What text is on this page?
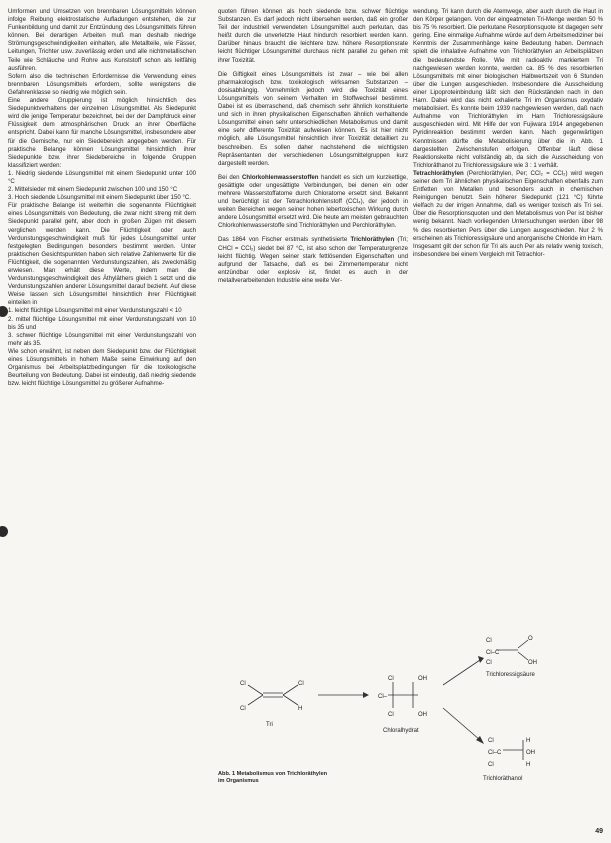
Umformen und Umsetzen von brennbaren Lösungsmitteln können infolge Reibung elektrostatische Aufladungen entstehen, die zur Funkenbildung und damit zur Entzündung des Lösungsmittels führen können. Bei derartigen Arbeiten muß man deshalb niedrige Strömungsgeschwindigkeiten einhalten, alle Metallteile, wie Fässer, Leitungen, Trichter usw. zuverlässig erden und alle nichtmetallischen Teile wie Schläuche und Rohre aus Kunststoff schon als leitfähig ausführen.

Sofern also die technischen Erfordernisse die Verwendung eines brennbaren Lösungsmittels erfordern, sollte wenigstens die Gefahrenklasse so niedrig wie möglich sein.

Eine andere Gruppierung ist möglich hinsichtlich des Siedepunktverhaltens der einzelnen Lösungsmittel. Als Siedepunkt wird die jenige Temperatur bezeichnet, bei der der Dampfdruck einer Flüssigkeit dem atmosphärischen Druck an ihrer Oberfläche entspricht. Dabei kann für manche Lösungsmittel, insbesondere aber für die Gemische, nur ein Siedebereich angegeben werden. Für praktische Belange können Lösungsmittel hinsichtlich ihrer Siedepunkte bzw. ihrer Siedebereiche in folgende Gruppen klassifiziert werden:

1. Niedrig siedende Lösungsmittel mit einem Siedepunkt unter 100 °C
2. Mittelsieder mit einem Siedepunkt zwischen 100 und 150 °C
3. Hoch siedende Lösungsmittel mit einem Siedepunkt über 150 °C.

Für praktische Belange ist weiterhin die sogenannte Flüchtigkeit eines Lösungsmittels von Bedeutung, die zwar nicht streng mit dem Siedepunkt parallel geht, aber doch in großen Zügen mit diesem verglichen werden kann. Die Flüchtigkeit oder auch Verdunstungsgeschwindigkeit muß für jedes Lösungsmittel unter festgelegten Bedingungen besonders bestimmt werden. Unter praktischen Gesichtspunkten haben sich relative Zahlenwerte für die Flüchtigkeit, die sogenannten Verdunstungszahlen, als zweckmäßig erwiesen. Man erhält diese Werte, indem man die Verdunstungsgeschwindigkeit des Äthyläthers gleich 1 setzt und die Verdunstungszahlen anderer Lösungsmittel darauf bezieht. Auf diese Weise lassen sich Lösungsmittel hinsichtlich ihrer Flüchtigkeit einteilen in

1. leicht flüchtige Lösungsmittel mit einer Verdunstungszahl < 10
2. mittel flüchtige Lösungsmittel mit einer Verdunstungszahl von 10 bis 35 und
3. schwer flüchtige Lösungsmittel mit einer Verdunstungszahl von mehr als 35.

Wie schon erwähnt, ist neben dem Siedepunkt bzw. der Flüchtigkeit eines Lösungsmittels in hohem Maße seine Einwirkung auf den Organismus bei Arbeitsplatzbedingungen für die toxikologische Beurteilung von Bedeutung. Dabei ist eindeutig, daß niedrig siedende bzw. leicht flüchtige Lösungsmittel zu größerer Aufnahme-

quoten führen können als hoch siedende bzw. schwer flüchtige Substanzen. Es darf jedoch nicht übersehen werden, daß ein großer Teil der industriell verwendeten Lösungsmittel auch perkutan, das heißt durch die unverletzte Haut hindurch resorbiert werden kann. Darüber hinaus braucht die leichtere bzw. höhere Resorptionsrate leicht flüchtiger Lösungsmittel durchaus nicht parallel zu gehen mit ihrer Toxizität.

Die Giftigkeit eines Lösungsmittels ist zwar – wie bei allen pharmakologisch bzw. toxikologisch wirksamen Substanzen – dosisabhängig. Vornehmlich jedoch wird die Toxizität eines Lösungsmittels von seinem Verhalten im Stoffwechsel bestimmt. Dabei ist es überraschend, daß chemisch sehr ähnlich konstituierte und sich in ihren physikalischen Eigenschaften ähnlich verhaltende Lösungsmittel einen sehr unterschiedlichen Metabolismus und damit eine sehr differente Toxizität aufweisen können. Es ist hier nicht möglich, alle Lösungsmittel hinsichtlich ihrer Toxizität detailliert zu beschreiben. Es sollen daher nachstehend die wichtigsten Repräsentanten der verschiedenen Lösungsmittelgruppen kurz dargestellt werden.

Bei den Chlorkohlenwasserstoffen handelt es sich um kurzkettige, gesättigte oder ungesättigte Verbindungen, bei denen ein oder mehrere Wasserstoffatome durch Chloratome ersetzt sind. Bekannt und berüchtigt ist der Tetrachlorkohlenstoff (CCl₄), der jedoch in weiten Bereichen wegen seiner hohen lebertoxischen Wirkung durch andere Lösungsmittel ersetzt wird. Die heute am meisten gebrauchten Chlorkohlenwasserstoffe sind Trichloräthylen und Perchloräthylen.

Das 1864 von Fischer erstmals synthetisierte Trichloräthylen (Tri; CHCl = CCl₂) siedet bei 87 °C, ist also schon der Temperaturgrenze leicht flüchtig. Wegen seiner stark fettlösenden Eigenschaften und aufgrund der Tatsache, daß es bei Zimmertemperatur nicht entzündbar oder explosiv ist, findet es auch in der metallverarbeitenden Industrie eine weite Ver-

wendung. Tri kann durch die Atemwege, aber auch durch die Haut in den Körper gelangen. Von der eingeatmeten Tri-Menge werden 50 % bis 75 % resorbiert. Die perkutane Resorptionsquote ist dagegen sehr gering. Eine einmalige Aufnahme würde auf dem Arbeitsmediziner bei Kenntnis der Zusammenhänge keine Bedeutung haben. Demnach spielt die inhalative Aufnahme von Trichloräthylen an Arbeitsplätzen die bedeutendste Rolle. Wie mit radioaktiv markiertem Tri nachgewiesen werden konnte, werden ca. 85 % des resorbierten Lösungsmittels mit einer biologischen Halbwertszeit von 6 Stunden über die Lungen ausgeschieden. Insbesondere die Ausscheidung einer Lipoproteinbindung läßt sich den Rückständen nach in den Harn. Dabei wird das nicht exhalierte Tri im Organismus oxydativ metabolisiert. Es konnte beim 1939 nachgewiesen werden, daß nach Aufnahme von Trichloräthylen im Harn Trichloressigsäure ausgeschieden wird. Mit Hilfe der von Fujiwara 1914 angegebenen Pyridinreaktion bestimmt werden kann. Nach gegenwärtigen Kenntnissen dürfte die Metabolisierung über die in Abb. 1 dargestellten Zwischenstufen erfolgen. Offenbar läuft diese Reaktionskette nicht vollständig ab, da sich die Ausscheidung von Trichloräthanol zu Trichloressigsäure wie 3 : 1 verhält.

Tetrachloräthylen (Perchloräthylen, Per; CCl₂ = CCl₂) wird wegen seiner dem Tri ähnlichen physikalischen Eigenschaften ebenfalls zum Entfetten von Metallen und besonders auch in chemischen Reinigungen benutzt. Sein höherer Siedepunkt (121 °C) führte vielfach zu der irrigen Annahme, daß es weniger toxisch als Tri sei. Über die Resorptionsquoten und den Metabolismus von Per ist bisher wenig bekannt. Nach vorliegenden Untersuchungen werden über 98 % des resorbierten Pers über die Lungen ausgeschieden. Nur 2 % erscheinen als Trichloressigsäure und anorganische Chloride im Harn.

Insgesamt gilt der schon für Tri als auch Per als relativ wenig toxisch, insbesondere bei einem Vergleich mit Tetrachlor-

Cl
Cl
Cl
H
Tri
Cl–
Cl
Cl
OH
OH
Chloralhydrat
Cl
Cl–C
Cl
O
OH
Trichloressigsäure
Cl
Cl–C
Cl
H
OH
H
Trichloräthanol
Abb. 1 Metabolismus von Trichloräthylen im Organismus
49
